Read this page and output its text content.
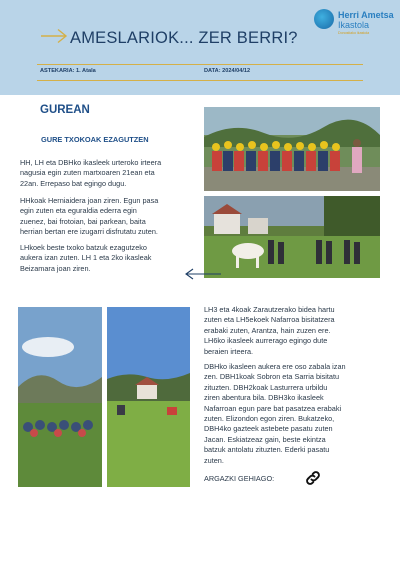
AMESLARIOK... ZER BERRI?
Herri Ametsa
Ikastola
Donostiako ikastola
ASTEKARIA: 1. Atala	DATA: 2024/04/12
GUREAN
GURE TXOKOAK EZAGUTZEN
HH, LH eta DBHko ikasleek urteroko irteera
nagusia egin zuten martxoaren 21ean eta
22an. Errepaso bat egingo dugu.
HHkoak Herniaidera joan ziren. Egun pasa
egin zuten eta eguraldia ederra egin
zuenez, bai frotoian, bai parkean, baita
herrian bertan ere izugarri disfrutatu zuten.
LHkoek beste txoko batzuk ezagutzeko
aukera izan zuten. LH 1 eta 2ko ikasleak
Beizamara joan ziren.
LH3 eta 4koak Zarautzerako bidea hartu
zuten eta LH5ekoek Nafarroa bisitatzera
erabaki zuten, Arantza, hain zuzen ere.
LH6ko ikasleek aurrerago egingo dute
beraien irteera.
DBHko ikasleen aukera ere oso zabala izan
zen. DBH1koak Sobron eta Sarria bisitatu
zituzten. DBH2koak Lasturrera urbildu
ziren abentura bila. DBH3ko ikasleek
Nafarroan egun pare bat pasatzea erabaki
zuten. Elizondon egon ziren. Bukatzeko,
DBH4ko gazteek astebete pasatu zuten
Jacan. Eskiatzeaz gain, beste ekintza
batzuk antolatu zituzten. Ederki pasatu
zuten.
ARGAZKI GEHIAGO:
